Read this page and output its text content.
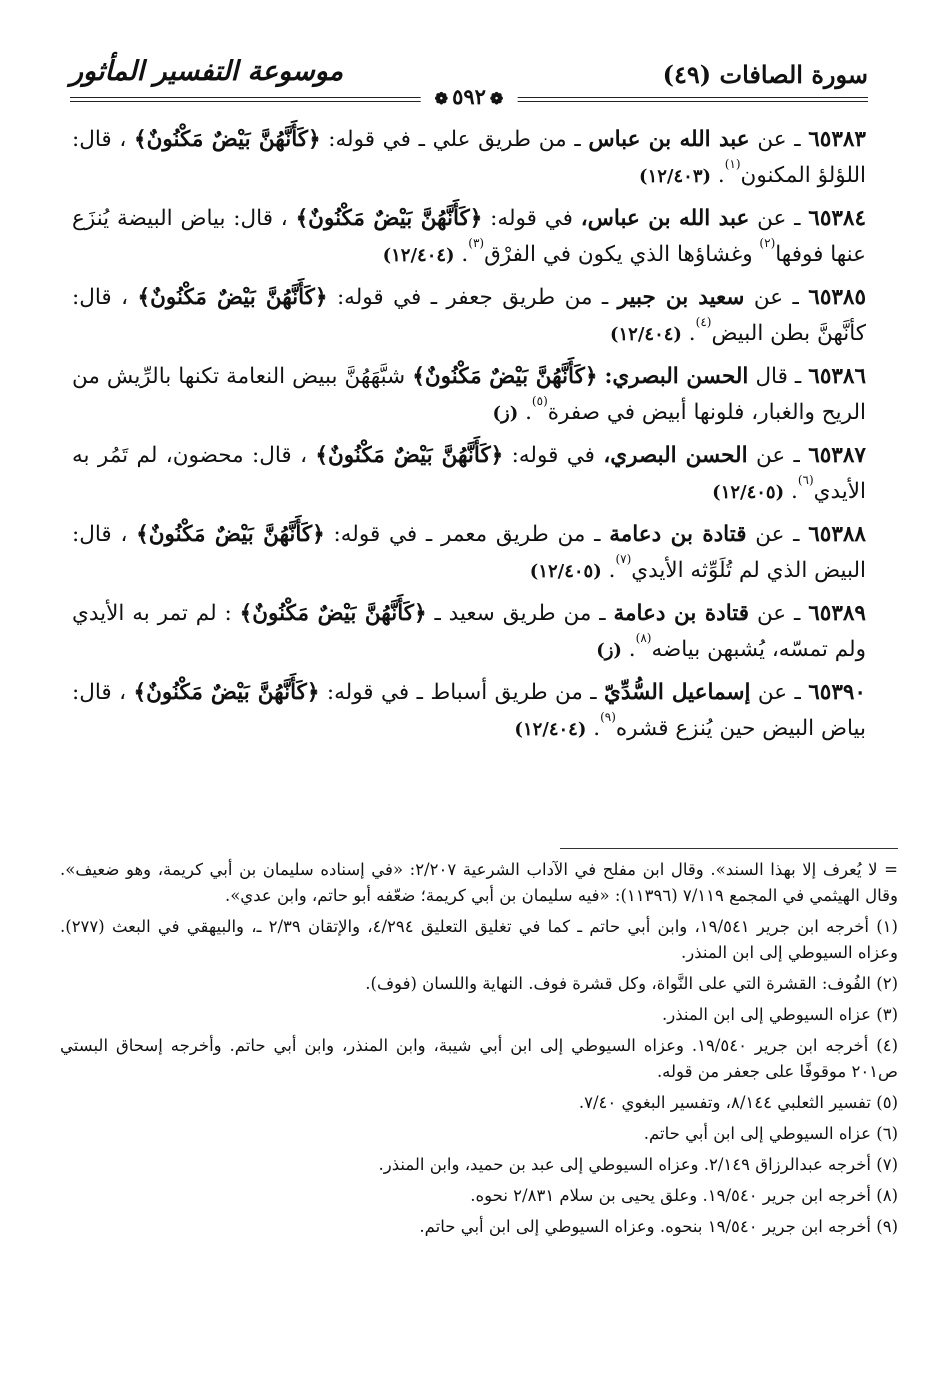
سورة الصافات (٤٩)
موسوعة التفسير المأثور
❁٥٩٢❁

٦٥٣٨٣ ـ عن عبد الله بن عباس ـ من طريق علي ـ في قوله: ﴿كَأَنَّهُنَّ بَيْضٌ مَكْنُونٌ﴾ ، قال: اللؤلؤ المكنون$^{(١)}$. (١٢/٤٠٣)

٦٥٣٨٤ ـ عن عبد الله بن عباس، في قوله: ﴿كَأَنَّهُنَّ بَيْضٌ مَكْنُونٌ﴾ ، قال: بياض البيضة يُنزَع عنها فوفها$^{(٢)}$ وغشاؤها الذي يكون في الفرْق$^{(٣)}$. (١٢/٤٠٤)

٦٥٣٨٥ ـ عن سعيد بن جبير ـ من طريق جعفر ـ في قوله: ﴿كَأَنَّهُنَّ بَيْضٌ مَكْنُونٌ﴾ ، قال: كأنَّهنَّ بطن البيض$^{(٤)}$. (١٢/٤٠٤)

٦٥٣٨٦ ـ قال الحسن البصري: ﴿كَأَنَّهُنَّ بَيْضٌ مَكْنُونٌ﴾ شبَّهَهُنَّ ببيض النعامة تكنها بالرِّيش من الريح والغبار، فلونها أبيض في صفرة$^{(٥)}$. (ز)

٦٥٣٨٧ ـ عن الحسن البصري، في قوله: ﴿كَأَنَّهُنَّ بَيْضٌ مَكْنُونٌ﴾ ، قال: محضون، لم تَمُر به الأيدي$^{(٦)}$. (١٢/٤٠٥)

٦٥٣٨٨ ـ عن قتادة بن دعامة ـ من طريق معمر ـ في قوله: ﴿كَأَنَّهُنَّ بَيْضٌ مَكْنُونٌ﴾ ، قال: البيض الذي لم تُلَوِّثه الأيدي$^{(٧)}$. (١٢/٤٠٥)

٦٥٣٨٩ ـ عن قتادة بن دعامة ـ من طريق سعيد ـ ﴿كَأَنَّهُنَّ بَيْضٌ مَكْنُونٌ﴾ : لم تمر به الأيدي ولم تمسّه، يُشبهن بياضه$^{(٨)}$. (ز)

٦٥٣٩٠ ـ عن إسماعيل السُّدِّيّ ـ من طريق أسباط ـ في قوله: ﴿كَأَنَّهُنَّ بَيْضٌ مَكْنُونٌ﴾ ، قال: بياض البيض حين يُنزع قشره$^{(٩)}$. (١٢/٤٠٤)

= لا يُعرف إلا بهذا السند». وقال ابن مفلح في الآداب الشرعية ٢/٢٠٧: «في إسناده سليمان بن أبي كريمة، وهو ضعيف». وقال الهيثمي في المجمع ٧/١١٩ (١١٣٩٦): «فيه سليمان بن أبي كريمة؛ ضعّفه أبو حاتم، وابن عدي».

(١) أخرجه ابن جرير ١٩/٥٤١، وابن أبي حاتم ـ كما في تغليق التعليق ٤/٢٩٤، والإتقان ٢/٣٩ ـ، والبيهقي في البعث (٢٧٧). وعزاه السيوطي إلى ابن المنذر.

(٢) الفُوف: القشرة التي على النَّواة، وكل قشرة فوف. النهاية واللسان (فوف).

(٣) عزاه السيوطي إلى ابن المنذر.

(٤) أخرجه ابن جرير ١٩/٥٤٠. وعزاه السيوطي إلى ابن أبي شيبة، وابن المنذر، وابن أبي حاتم. وأخرجه إسحاق البستي ص٢٠١ موقوفًا على جعفر من قوله.

(٥) تفسير الثعلبي ٨/١٤٤، وتفسير البغوي ٧/٤٠.

(٦) عزاه السيوطي إلى ابن أبي حاتم.

(٧) أخرجه عبدالرزاق ٢/١٤٩. وعزاه السيوطي إلى عبد بن حميد، وابن المنذر.

(٨) أخرجه ابن جرير ١٩/٥٤٠. وعلق يحيى بن سلام ٢/٨٣١ نحوه.

(٩) أخرجه ابن جرير ١٩/٥٤٠ بنحوه. وعزاه السيوطي إلى ابن أبي حاتم.
